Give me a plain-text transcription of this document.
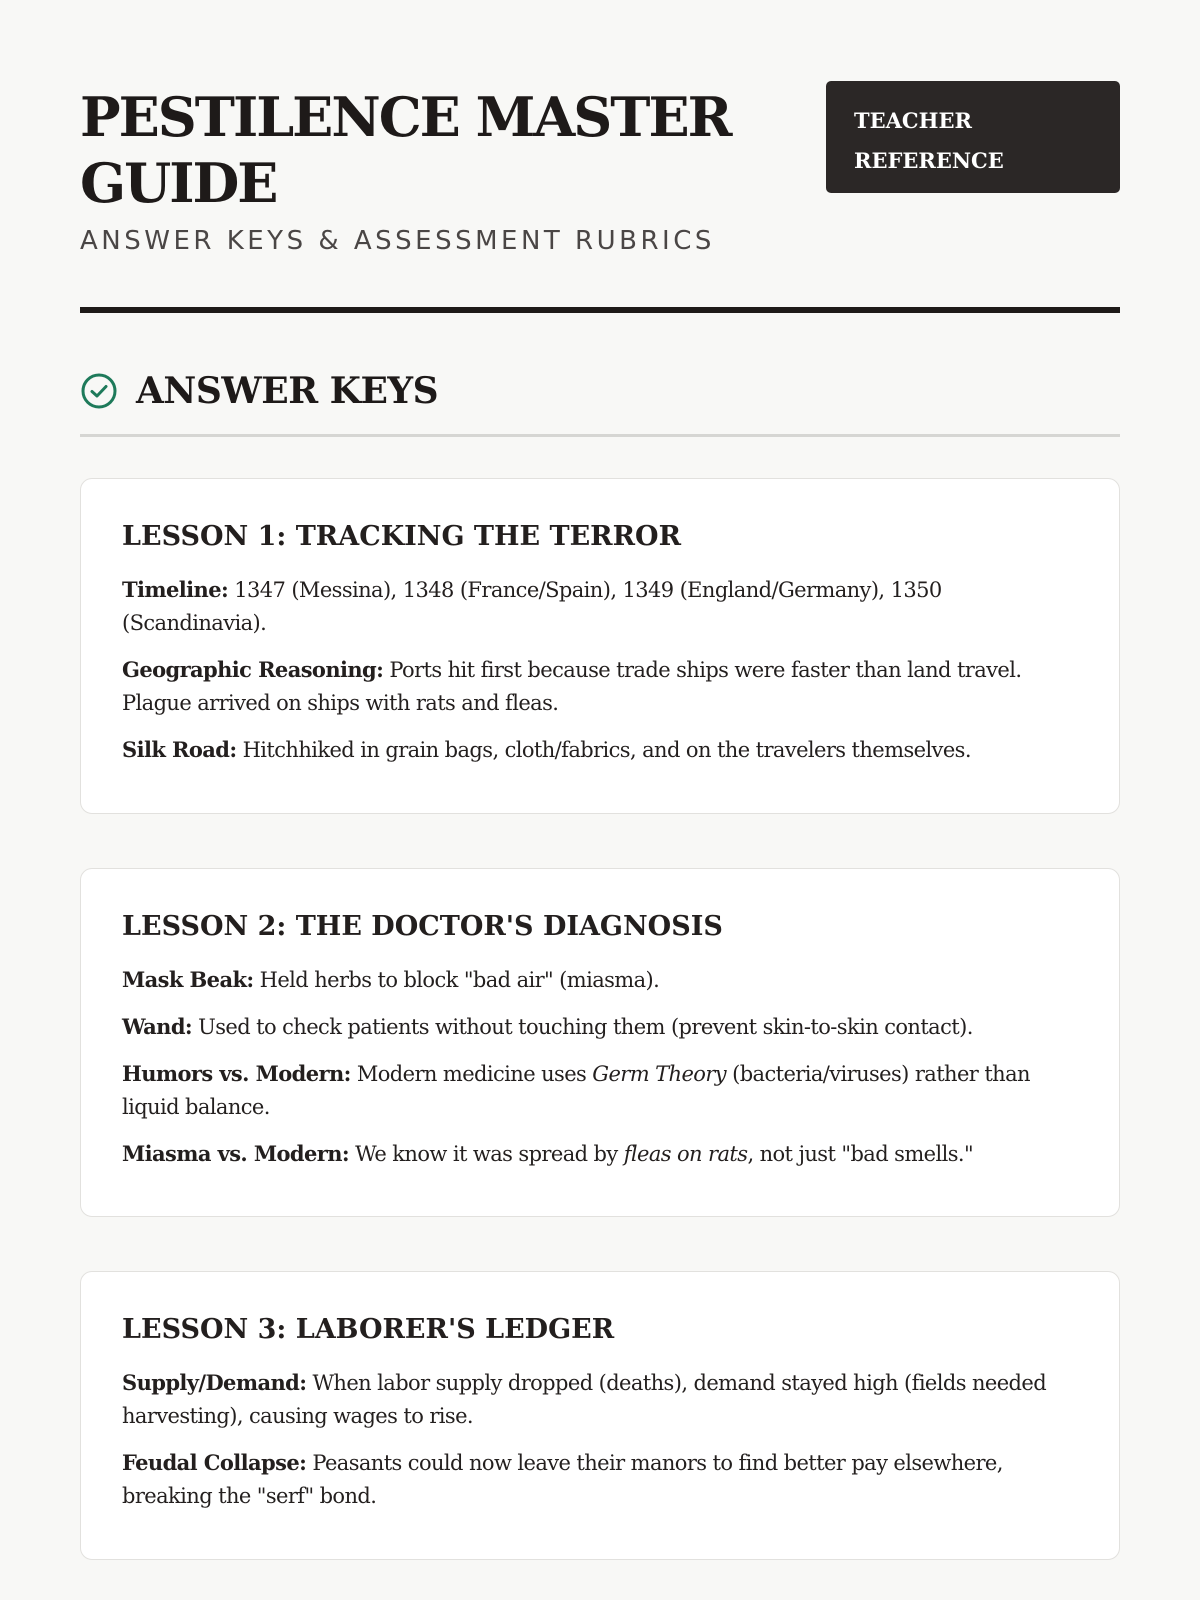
PESTILENCE MASTER GUIDE
ANSWER KEYS & ASSESSMENT RUBRICS
TEACHER
REFERENCE
ANSWER KEYS
LESSON 1: TRACKING THE TERROR

Timeline: 1347 (Messina), 1348 (France/Spain), 1349 (England/Germany), 1350 (Scandinavia).

Geographic Reasoning: Ports hit first because trade ships were faster than land travel. Plague arrived on ships with rats and fleas.

Silk Road: Hitchhiked in grain bags, cloth/fabrics, and on the travelers themselves.

LESSON 2: THE DOCTOR'S DIAGNOSIS

Mask Beak: Held herbs to block "bad air" (miasma).

Wand: Used to check patients without touching them (prevent skin-to-skin contact).

Humors vs. Modern: Modern medicine uses Germ Theory (bacteria/viruses) rather than liquid balance.

Miasma vs. Modern: We know it was spread by fleas on rats, not just "bad smells."

LESSON 3: LABORER'S LEDGER

Supply/Demand: When labor supply dropped (deaths), demand stayed high (fields needed harvesting), causing wages to rise.

Feudal Collapse: Peasants could now leave their manors to find better pay elsewhere, breaking the "serf" bond.
